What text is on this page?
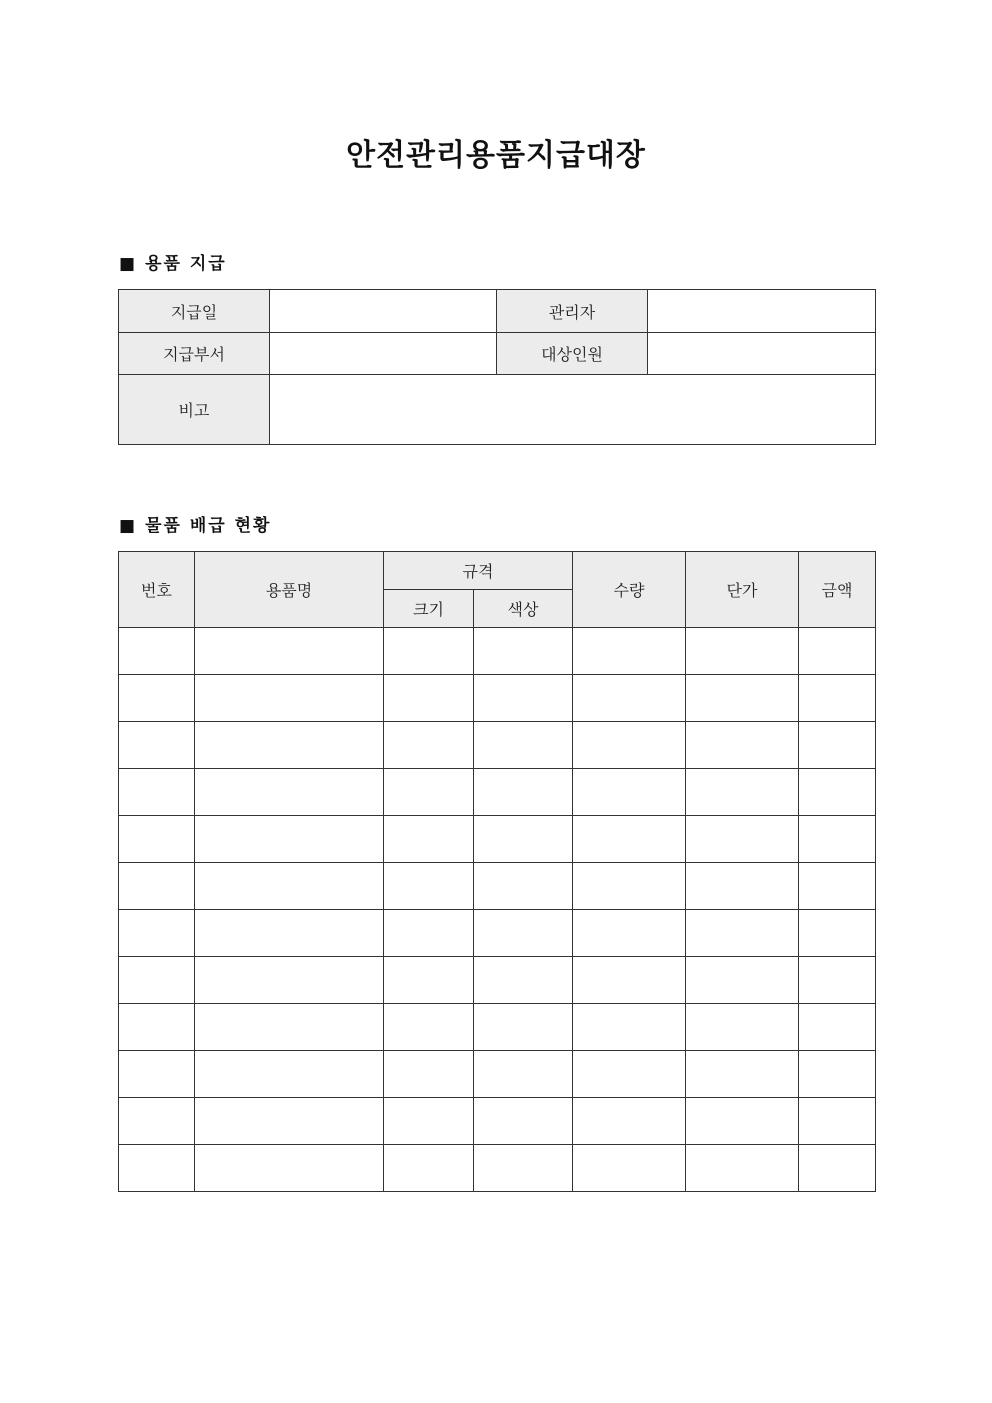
안전관리용품지급대장
■ 용품 지급
지급일		관리자	
지급부서		대상인원	
비고			
■ 물품 배급 현황
번호	용품명	규격		수량	단가	금액
		크기	색상			
